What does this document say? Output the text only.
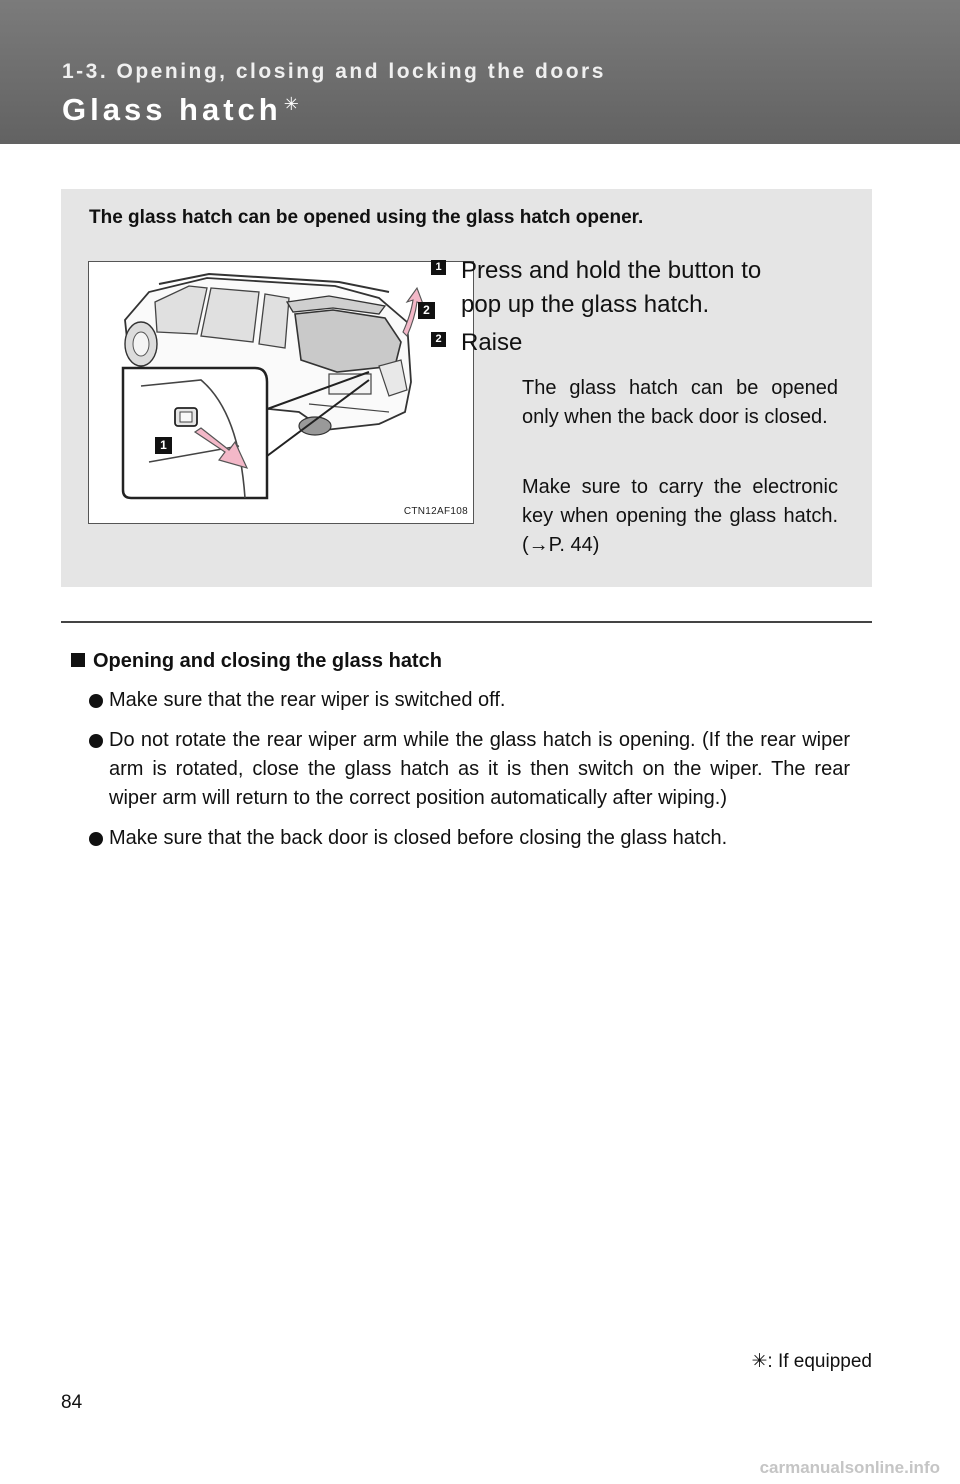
1-3. Opening, closing and locking the doors
Glass hatch ✳
The glass hatch can be opened using the glass hatch opener.
1
2
CTN12AF108
1 Press and hold the button to pop up the glass hatch.
2 Raise
The glass hatch can be opened only when the back door is closed.
Make sure to carry the electronic key when opening the glass hatch. (→P. 44)
Opening and closing the glass hatch
Make sure that the rear wiper is switched off.
Do not rotate the rear wiper arm while the glass hatch is opening. (If the rear wiper arm is rotated, close the glass hatch as it is then switch on the wiper. The rear wiper arm will return to the correct position automatically after wiping.)
Make sure that the back door is closed before closing the glass hatch.
✳: If equipped
84
carmanualsonline.info
